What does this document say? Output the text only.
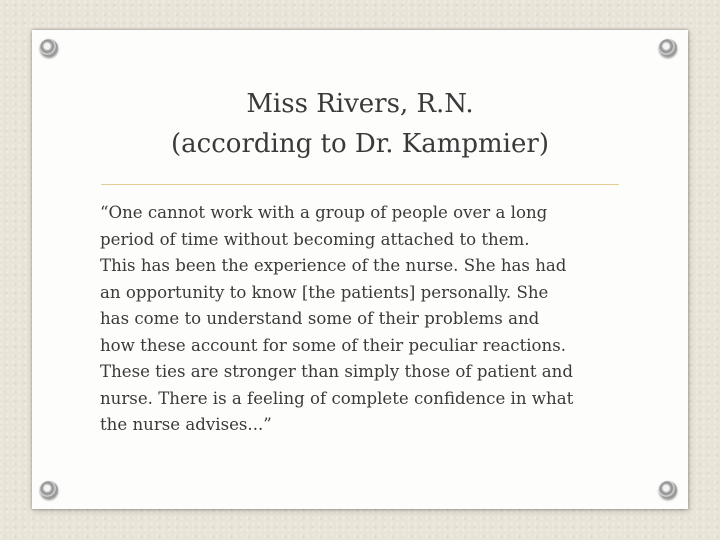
Miss Rivers, R.N.
(according to Dr. Kampmier)
“One cannot work with a group of people over a long
period of time without becoming attached to them.
This has been the experience of the nurse. She has had
an opportunity to know [the patients] personally. She
has come to understand some of their problems and
how these account for some of their peculiar reactions.
These ties are stronger than simply those of patient and
nurse. There is a feeling of complete confidence in what
the nurse advises...”
